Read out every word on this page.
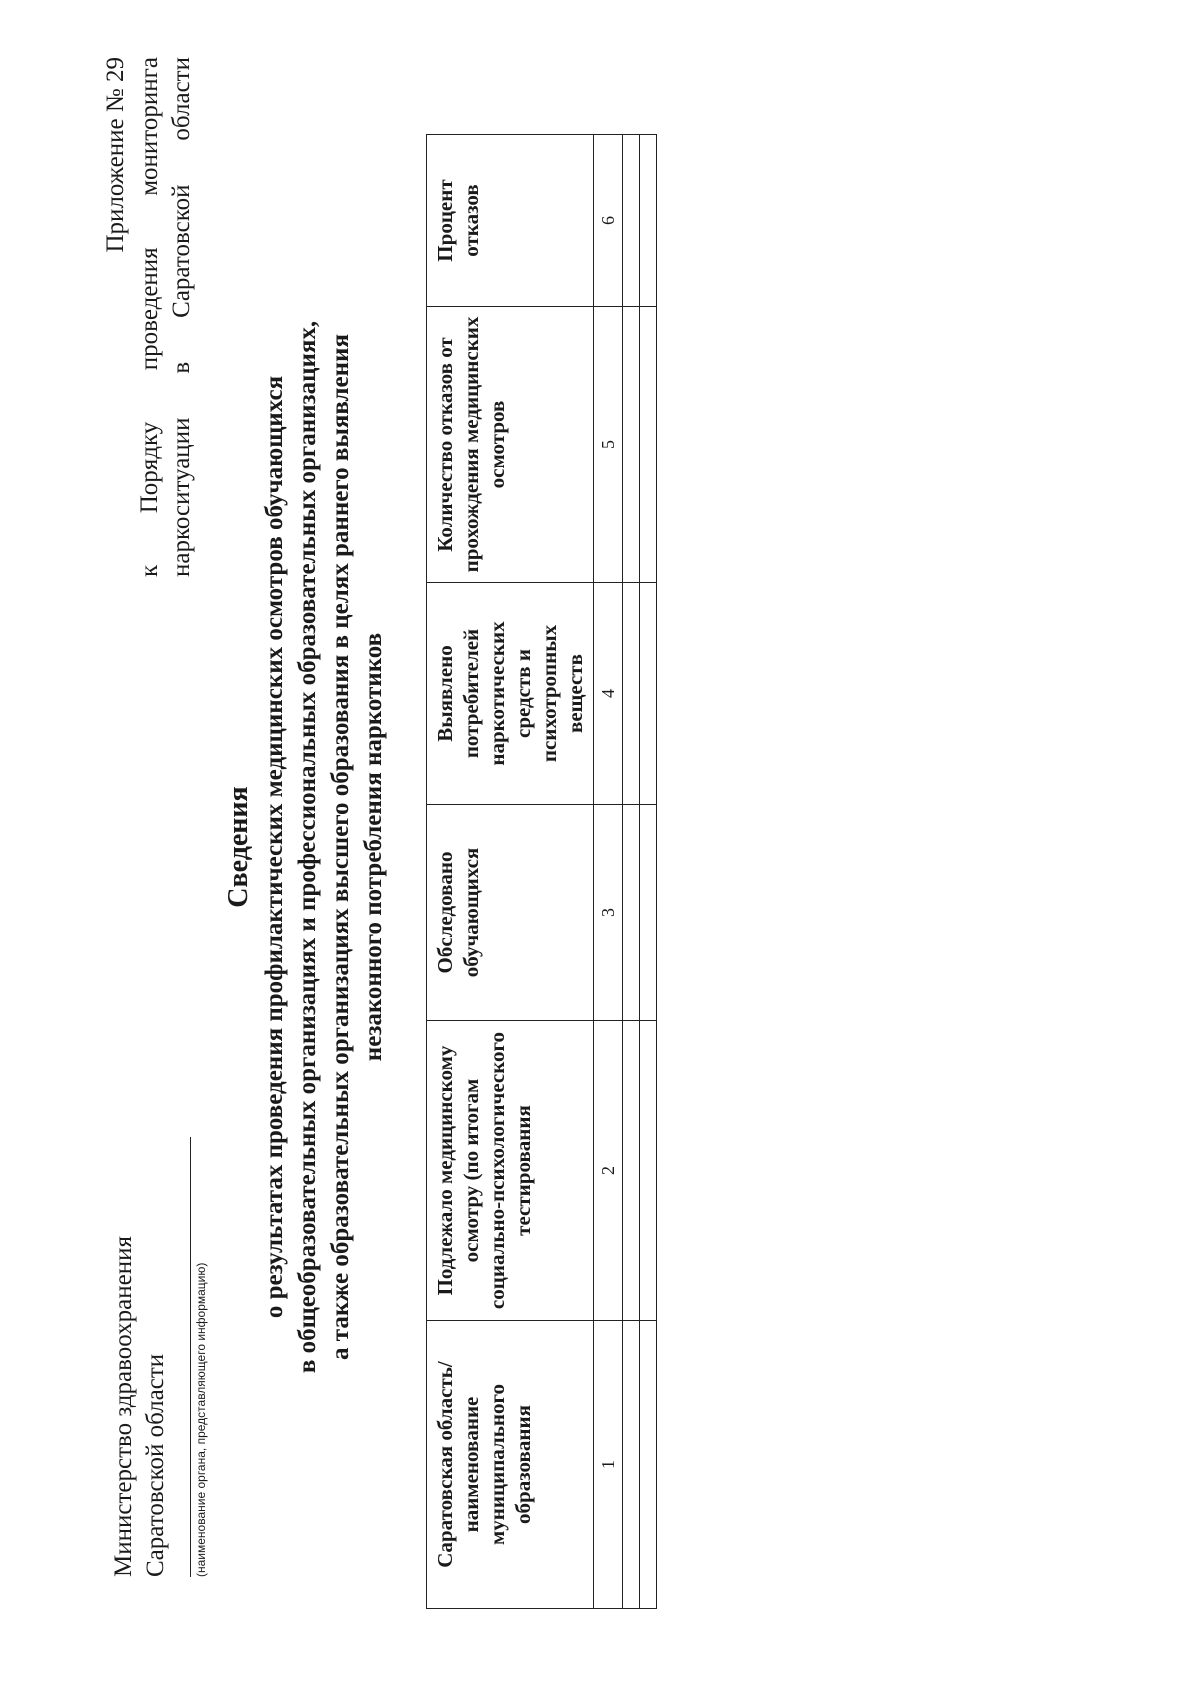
Министерство здравоохранения Саратовской области (наименование органа, представляющего информацию)
Приложение № 29 к Порядку проведения мониторинга наркоситуации в Саратовской области
Сведения о результатах проведения профилактических медицинских осмотров обучающихся в общеобразовательных организациях и профессиональных образовательных организациях, а также образовательных организациях высшего образования в целях раннего выявления незаконного потребления наркотиков
Саратовская область/ наименование муниципального образования	Подлежало медицинскому осмотру (по итогам социально-психологического тестирования	Обследовано обучающихся	Выявлено потребителей наркотических средств и психотропных веществ	Количество отказов от прохождения медицинских осмотров	Процент отказов
1	2	3	4	5	6
